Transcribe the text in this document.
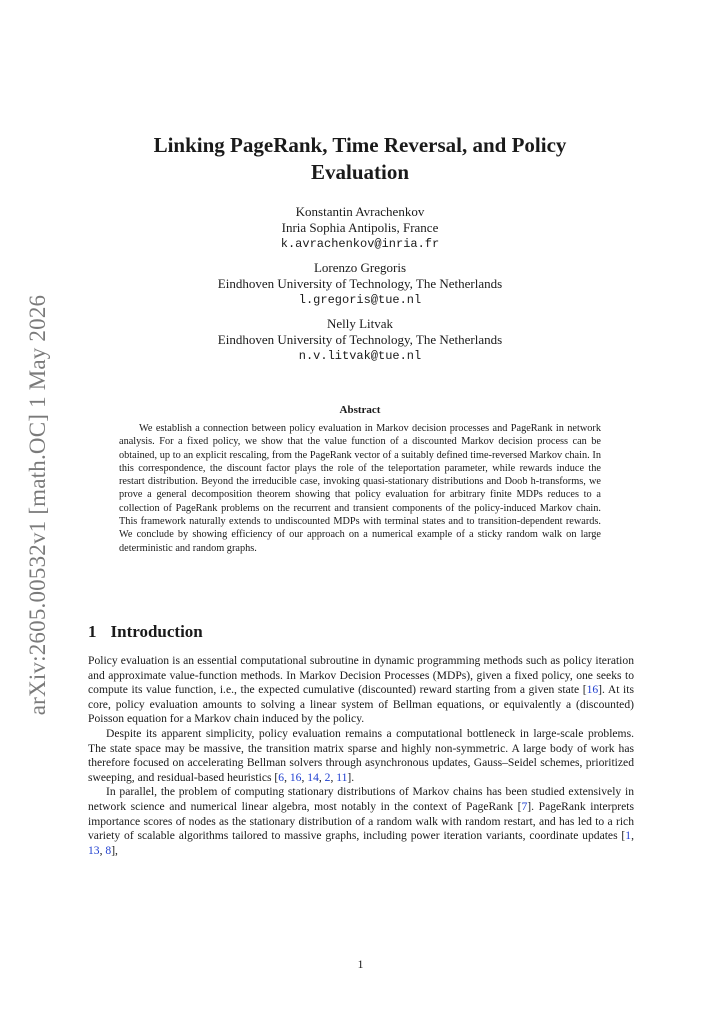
arXiv:2605.00532v1 [math.OC] 1 May 2026
Linking PageRank, Time Reversal, and Policy
Evaluation
Konstantin Avrachenkov
Inria Sophia Antipolis, France
k.avrachenkov@inria.fr
Lorenzo Gregoris
Eindhoven University of Technology, The Netherlands
l.gregoris@tue.nl
Nelly Litvak
Eindhoven University of Technology, The Netherlands
n.v.litvak@tue.nl
Abstract

We establish a connection between policy evaluation in Markov decision processes and PageRank in network analysis. For a fixed policy, we show that the value function of a discounted Markov decision process can be obtained, up to an explicit rescaling, from the PageRank vector of a suitably defined time-reversed Markov chain. In this correspondence, the discount factor plays the role of the teleportation parameter, while rewards induce the restart distribution. Beyond the irreducible case, invoking quasi-stationary distributions and Doob h-transforms, we prove a general decomposition theorem showing that policy evaluation for arbitrary finite MDPs reduces to a collection of PageRank problems on the recurrent and transient components of the policy-induced Markov chain. This framework naturally extends to undiscounted MDPs with terminal states and to transition-dependent rewards. We conclude by showing efficiency of our approach on a numerical example of a sticky random walk on large deterministic and random graphs.

1 Introduction

Policy evaluation is an essential computational subroutine in dynamic programming methods such as policy iteration and approximate value-function methods. In Markov Decision Processes (MDPs), given a fixed policy, one seeks to compute its value function, i.e., the expected cumulative (discounted) reward starting from a given state [16]. At its core, policy evaluation amounts to solving a linear system of Bellman equations, or equivalently a (discounted) Poisson equation for a Markov chain induced by the policy.

Despite its apparent simplicity, policy evaluation remains a computational bottleneck in large-scale problems. The state space may be massive, the transition matrix sparse and highly non-symmetric. A large body of work has therefore focused on accelerating Bellman solvers through asynchronous updates, Gauss–Seidel schemes, prioritized sweeping, and residual-based heuristics [6, 16, 14, 2, 11].

In parallel, the problem of computing stationary distributions of Markov chains has been studied extensively in network science and numerical linear algebra, most notably in the context of PageRank [7]. PageRank interprets importance scores of nodes as the stationary distribution of a random walk with random restart, and has led to a rich variety of scalable algorithms tailored to massive graphs, including power iteration variants, coordinate updates [1, 13, 8],

1
